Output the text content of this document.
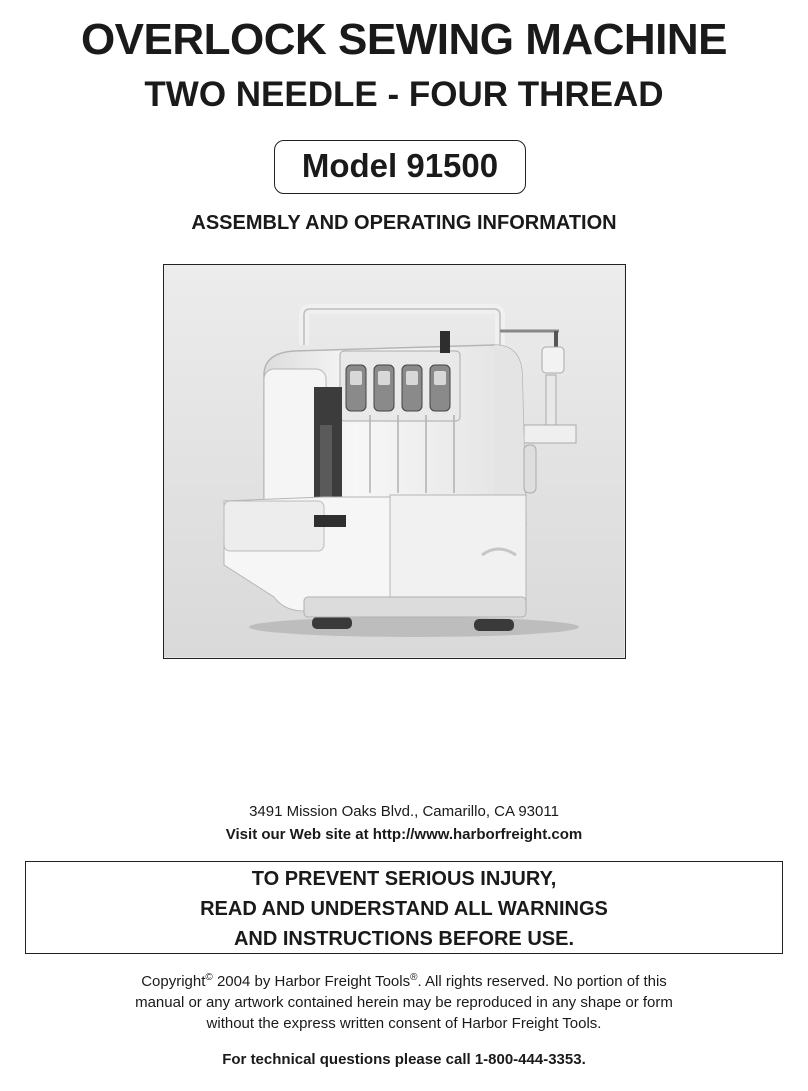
OVERLOCK SEWING MACHINE
TWO NEEDLE - FOUR THREAD
Model 91500
ASSEMBLY AND OPERATING INFORMATION
3491 Mission Oaks Blvd., Camarillo, CA 93011
Visit our Web site at http://www.harborfreight.com
TO PREVENT SERIOUS INJURY,
READ AND UNDERSTAND ALL WARNINGS
AND INSTRUCTIONS BEFORE USE.
Copyright© 2004 by Harbor Freight Tools®. All rights reserved. No portion of this
manual or any artwork contained herein may be reproduced in any shape or form
without the express written consent of Harbor Freight Tools.
For technical questions please call 1-800-444-3353.
